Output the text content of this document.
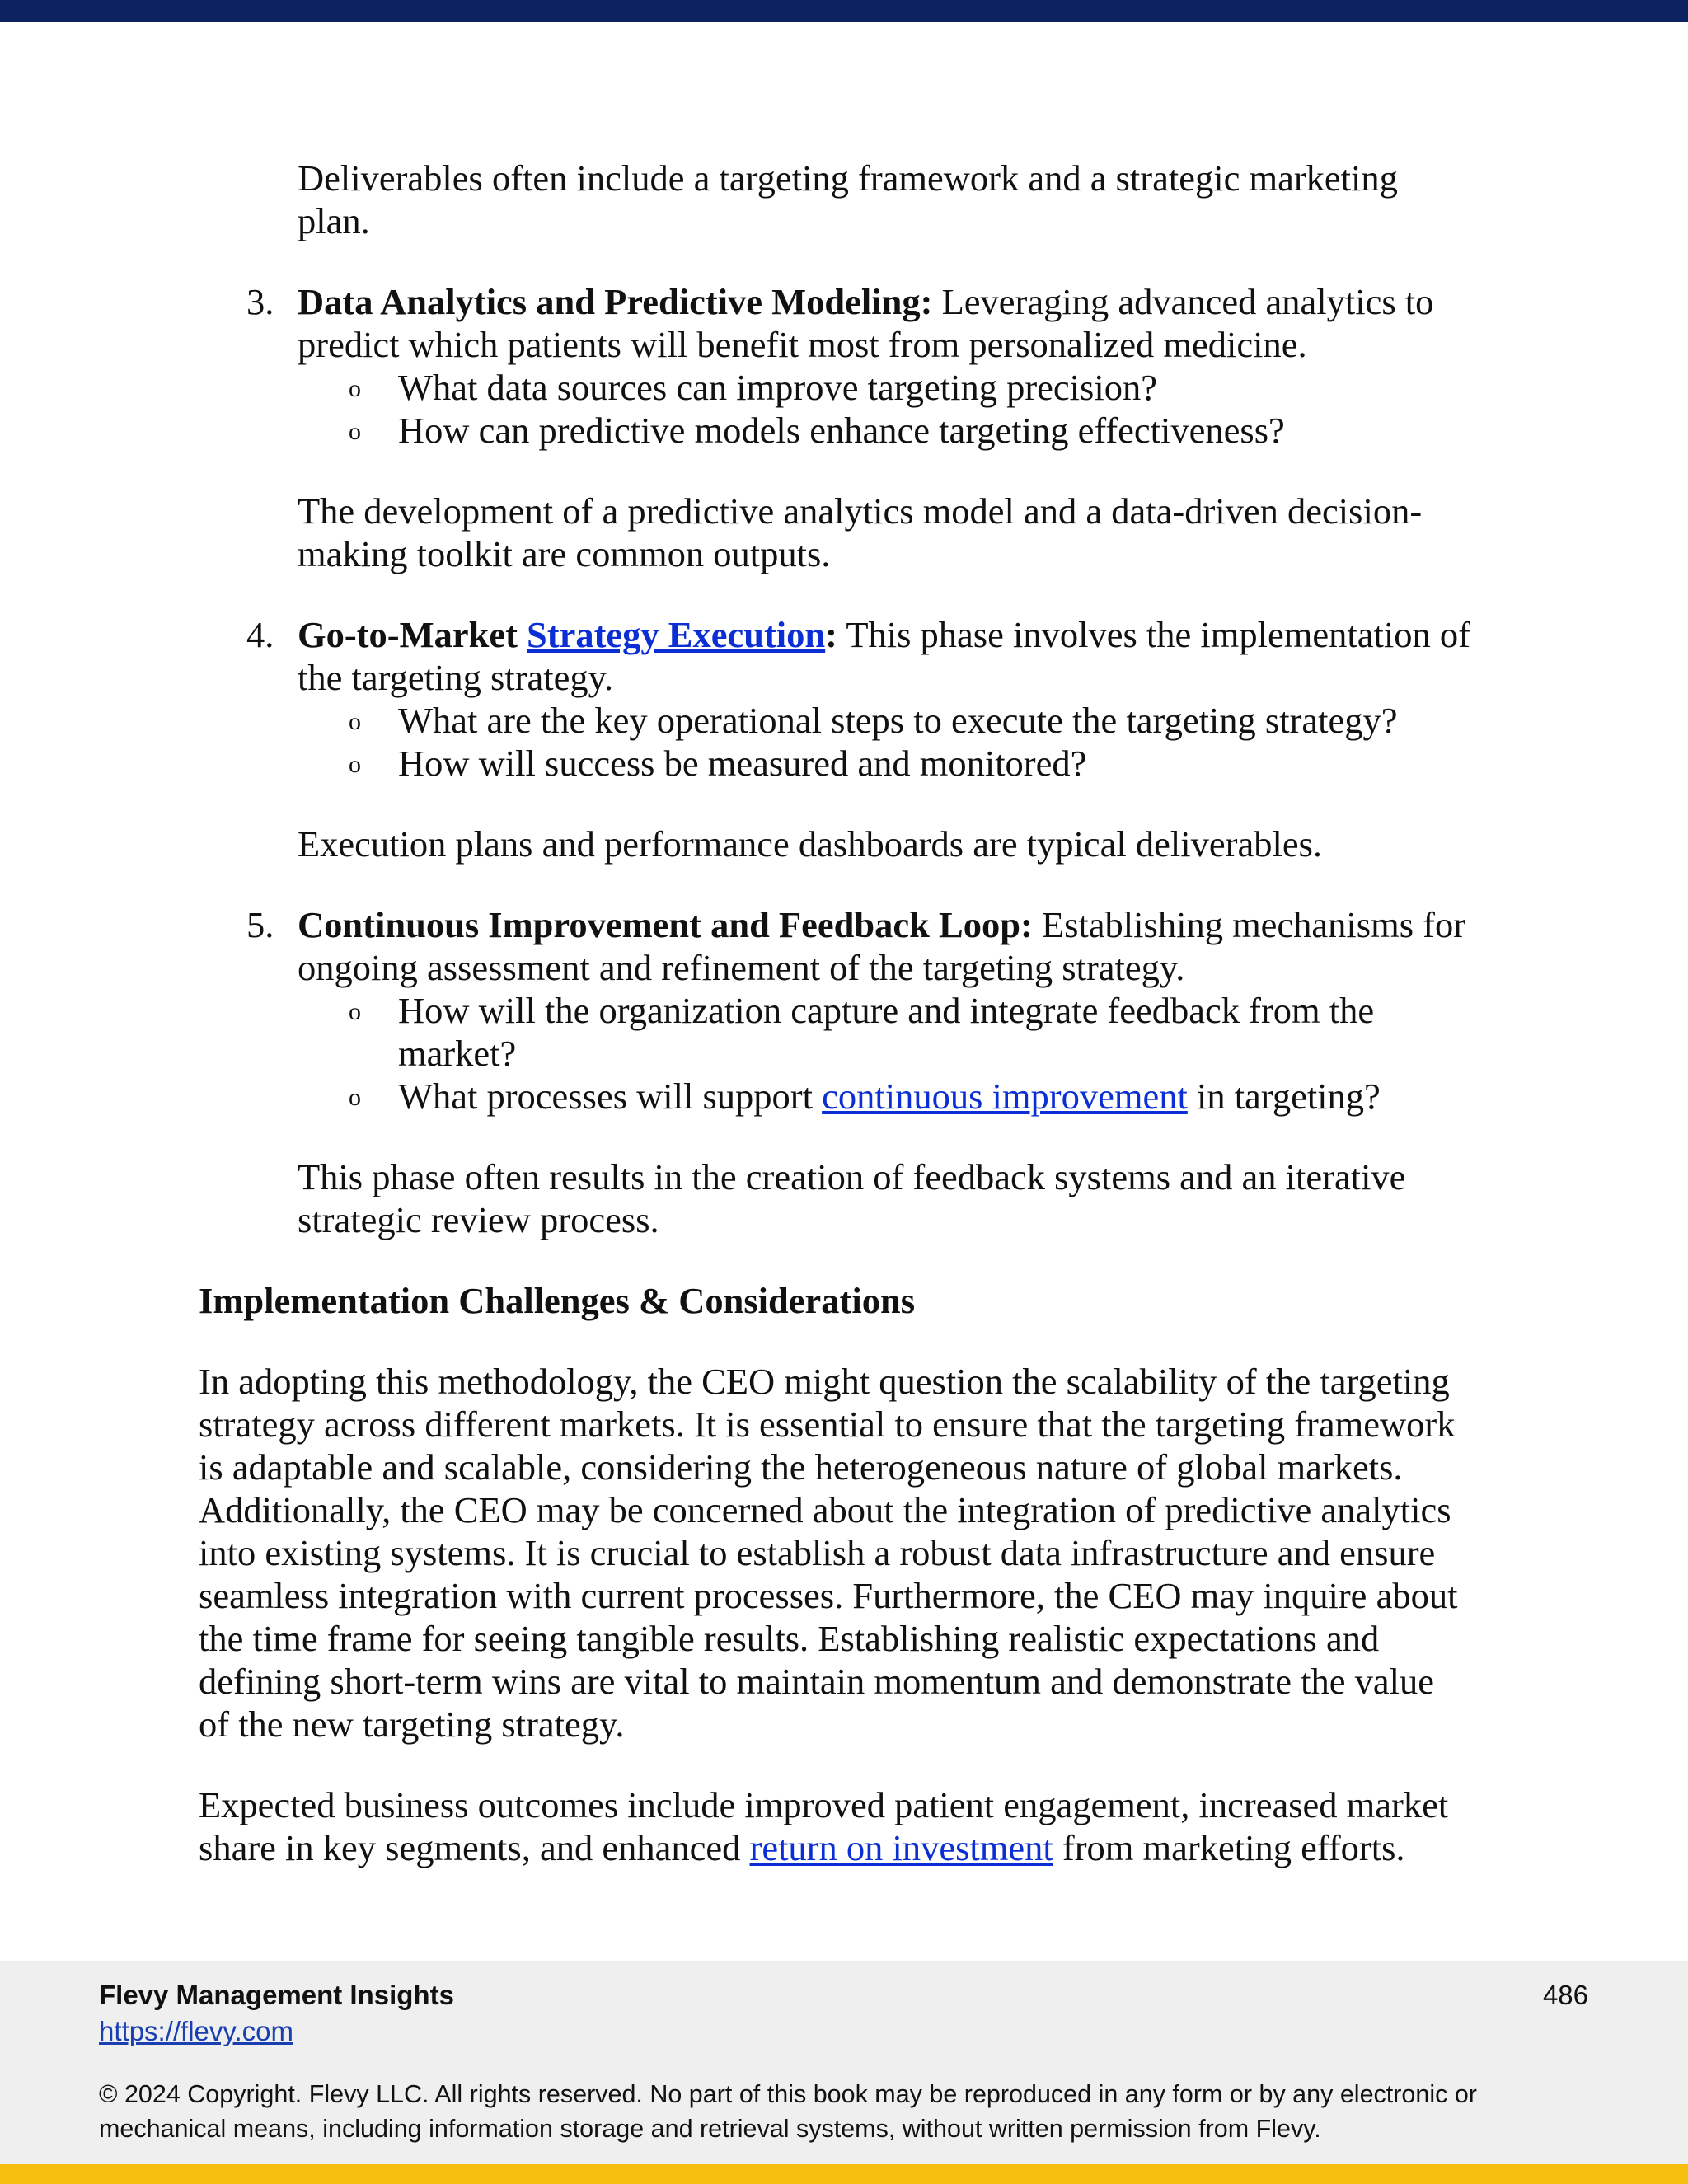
Deliverables often include a targeting framework and a strategic marketing
plan.

3. Data Analytics and Predictive Modeling: Leveraging advanced analytics to
predict which patients will benefit most from personalized medicine.

o What data sources can improve targeting precision?
o How can predictive models enhance targeting effectiveness?

The development of a predictive analytics model and a data-driven decision-
making toolkit are common outputs.

4. Go-to-Market Strategy Execution: This phase involves the implementation of
the targeting strategy.

o What are the key operational steps to execute the targeting strategy?
o How will success be measured and monitored?

Execution plans and performance dashboards are typical deliverables.

5. Continuous Improvement and Feedback Loop: Establishing mechanisms for
ongoing assessment and refinement of the targeting strategy.

o How will the organization capture and integrate feedback from the
market?
o What processes will support continuous improvement in targeting?

This phase often results in the creation of feedback systems and an iterative
strategic review process.

Implementation Challenges & Considerations

In adopting this methodology, the CEO might question the scalability of the targeting
strategy across different markets. It is essential to ensure that the targeting framework
is adaptable and scalable, considering the heterogeneous nature of global markets.
Additionally, the CEO may be concerned about the integration of predictive analytics
into existing systems. It is crucial to establish a robust data infrastructure and ensure
seamless integration with current processes. Furthermore, the CEO may inquire about
the time frame for seeing tangible results. Establishing realistic expectations and
defining short-term wins are vital to maintain momentum and demonstrate the value
of the new targeting strategy.

Expected business outcomes include improved patient engagement, increased market
share in key segments, and enhanced return on investment from marketing efforts.

Flevy Management Insights
https://flevy.com
486
© 2024 Copyright. Flevy LLC. All rights reserved. No part of this book may be reproduced in any form or by any electronic or
mechanical means, including information storage and retrieval systems, without written permission from Flevy.
